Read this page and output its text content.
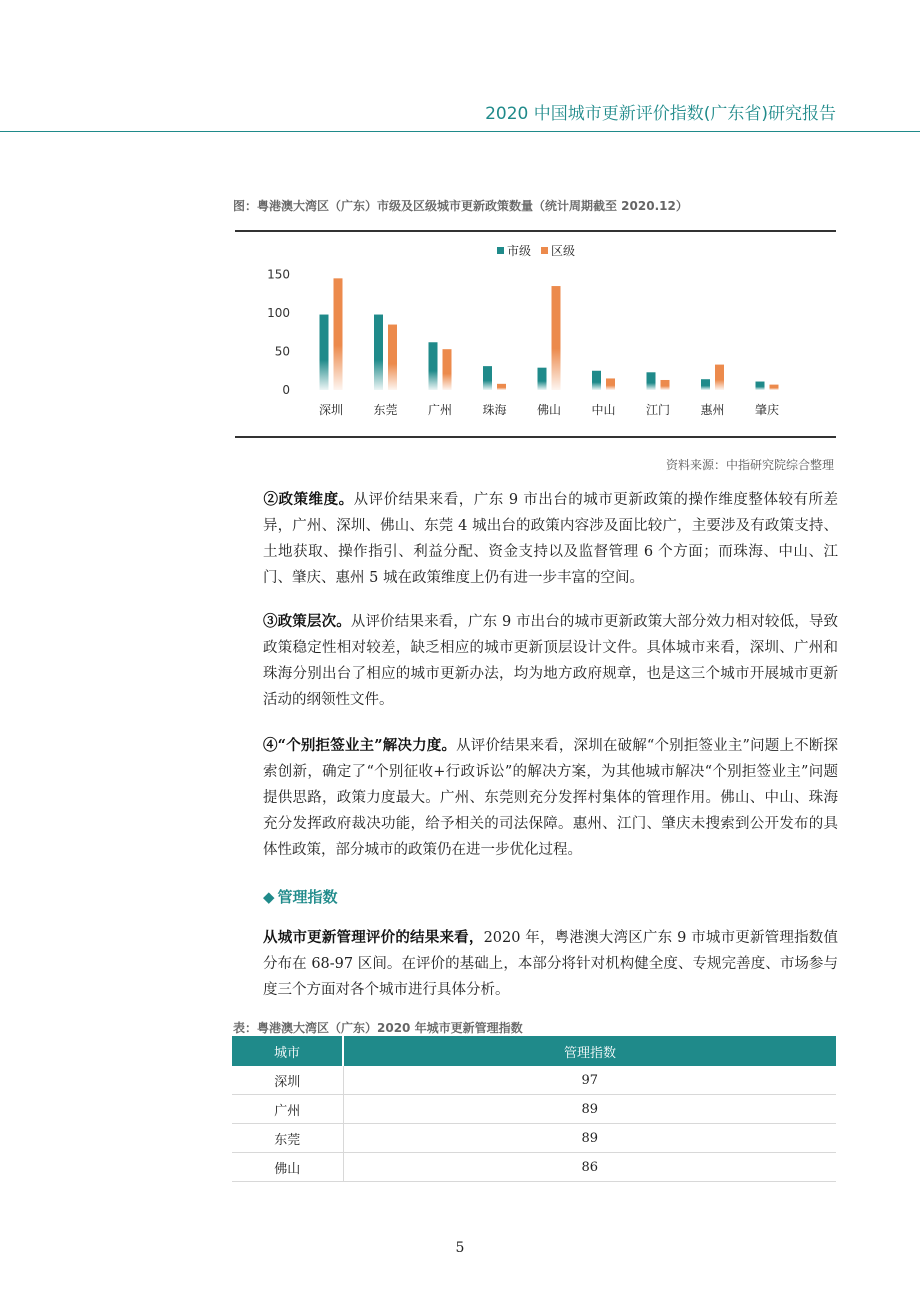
2020 中国城市更新评价指数(广东省)研究报告
图：粤港澳大湾区（广东）市级及区级城市更新政策数量（统计周期截至 2020.12）
0
50
100
150
深圳	东莞	广州	珠海	佛山	中山	江门	惠州	肇庆
市级 区级
资料来源：中指研究院综合整理
②政策维度。从评价结果来看，广东 9 市出台的城市更新政策的操作维度整体较有所差异，广州、深圳、佛山、东莞 4 城出台的政策内容涉及面比较广，主要涉及有政策支持、土地获取、操作指引、利益分配、资金支持以及监督管理 6 个方面；而珠海、中山、江门、肇庆、惠州 5 城在政策维度上仍有进一步丰富的空间。
③政策层次。从评价结果来看，广东 9 市出台的城市更新政策大部分效力相对较低，导致政策稳定性相对较差，缺乏相应的城市更新顶层设计文件。具体城市来看，深圳、广州和珠海分别出台了相应的城市更新办法，均为地方政府规章，也是这三个城市开展城市更新活动的纲领性文件。
④“个别拒签业主”解决力度。从评价结果来看，深圳在破解“个别拒签业主”问题上不断探索创新，确定了“个别征收+行政诉讼”的解决方案，为其他城市解决“个别拒签业主”问题提供思路，政策力度最大。广州、东莞则充分发挥村集体的管理作用。佛山、中山、珠海充分发挥政府裁决功能，给予相关的司法保障。惠州、江门、肇庆未搜索到公开发布的具体性政策，部分城市的政策仍在进一步优化过程。
◆ 管理指数
从城市更新管理评价的结果来看，2020 年，粤港澳大湾区广东 9 市城市更新管理指数值分布在 68-97 区间。在评价的基础上，本部分将针对机构健全度、专规完善度、市场参与度三个方面对各个城市进行具体分析。
表：粤港澳大湾区（广东）2020 年城市更新管理指数
城市	管理指数
深圳	97
广州	89
东莞	89
佛山	86
5
